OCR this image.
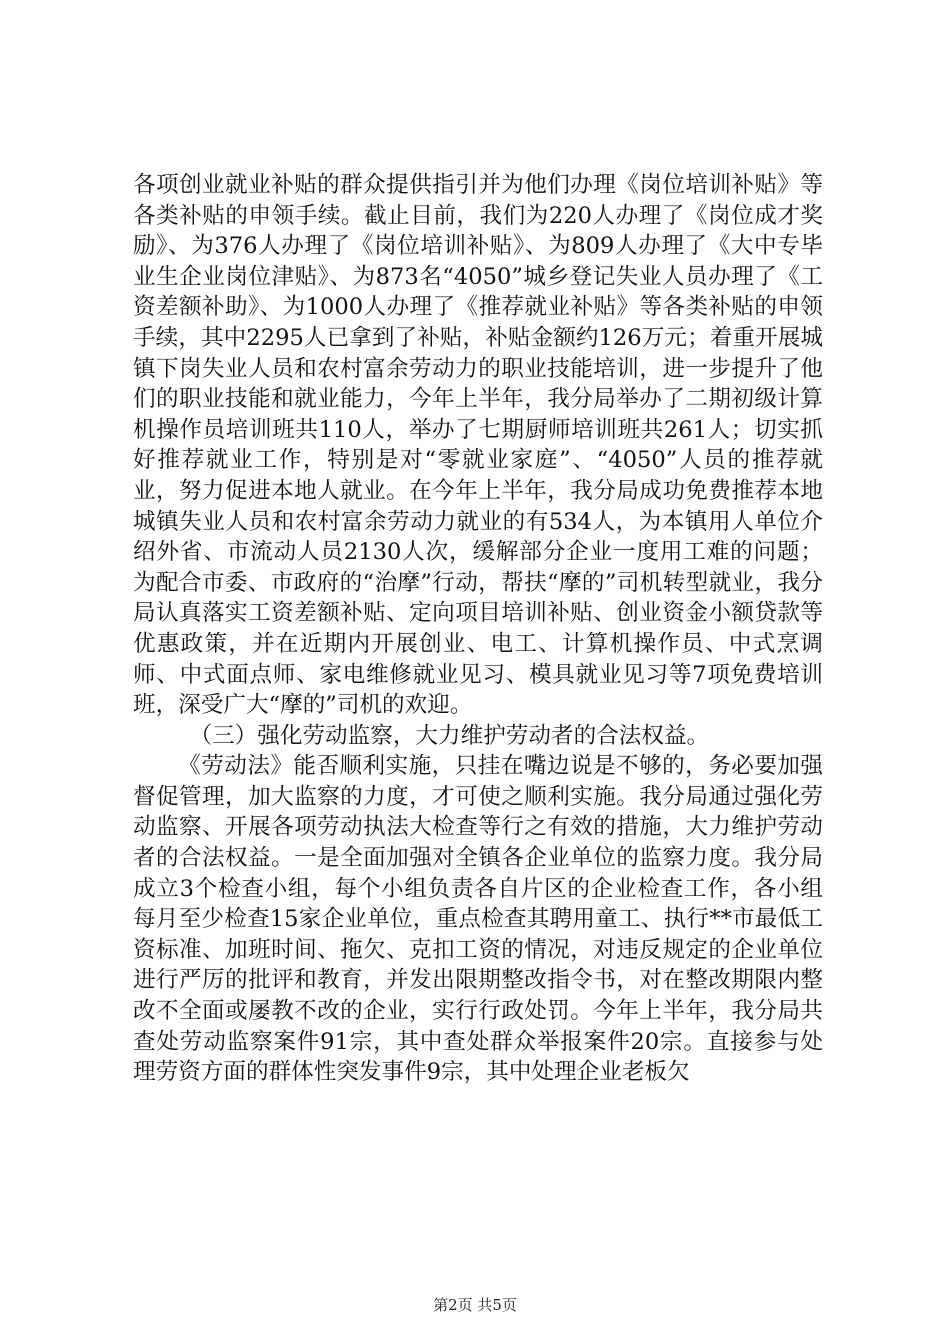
各项创业就业补贴的群众提供指引并为他们办理《岗位培训补贴》等各类补贴的申领手续。截止目前，我们为220人办理了《岗位成才奖励》、为376人办理了《岗位培训补贴》、为809人办理了《大中专毕业生企业岗位津贴》、为873名“4050”城乡登记失业人员办理了《工资差额补助》、为1000人办理了《推荐就业补贴》等各类补贴的申领手续，其中2295人已拿到了补贴，补贴金额约126万元；着重开展城镇下岗失业人员和农村富余劳动力的职业技能培训，进一步提升了他们的职业技能和就业能力，今年上半年，我分局举办了二期初级计算机操作员培训班共110人，举办了七期厨师培训班共261人；切实抓好推荐就业工作，特别是对“零就业家庭”、“4050”人员的推荐就业，努力促进本地人就业。在今年上半年，我分局成功免费推荐本地城镇失业人员和农村富余劳动力就业的有534人，为本镇用人单位介绍外省、市流动人员2130人次，缓解部分企业一度用工难的问题；为配合市委、市政府的“治摩”行动，帮扶“摩的”司机转型就业，我分局认真落实工资差额补贴、定向项目培训补贴、创业资金小额贷款等优惠政策，并在近期内开展创业、电工、计算机操作员、中式烹调师、中式面点师、家电维修就业见习、模具就业见习等7项免费培训班，深受广大“摩的”司机的欢迎。

（三）强化劳动监察，大力维护劳动者的合法权益。

《劳动法》能否顺利实施，只挂在嘴边说是不够的，务必要加强督促管理，加大监察的力度，才可使之顺利实施。我分局通过强化劳动监察、开展各项劳动执法大检查等行之有效的措施，大力维护劳动者的合法权益。一是全面加强对全镇各企业单位的监察力度。我分局成立3个检查小组，每个小组负责各自片区的企业检查工作，各小组每月至少检查15家企业单位，重点检查其聘用童工、执行**市最低工资标准、加班时间、拖欠、克扣工资的情况，对违反规定的企业单位进行严厉的批评和教育，并发出限期整改指令书，对在整改期限内整改不全面或屡教不改的企业，实行行政处罚。今年上半年，我分局共查处劳动监察案件91宗，其中查处群众举报案件20宗。直接参与处理劳资方面的群体性突发事件9宗，其中处理企业老板欠

第2页 共5页
